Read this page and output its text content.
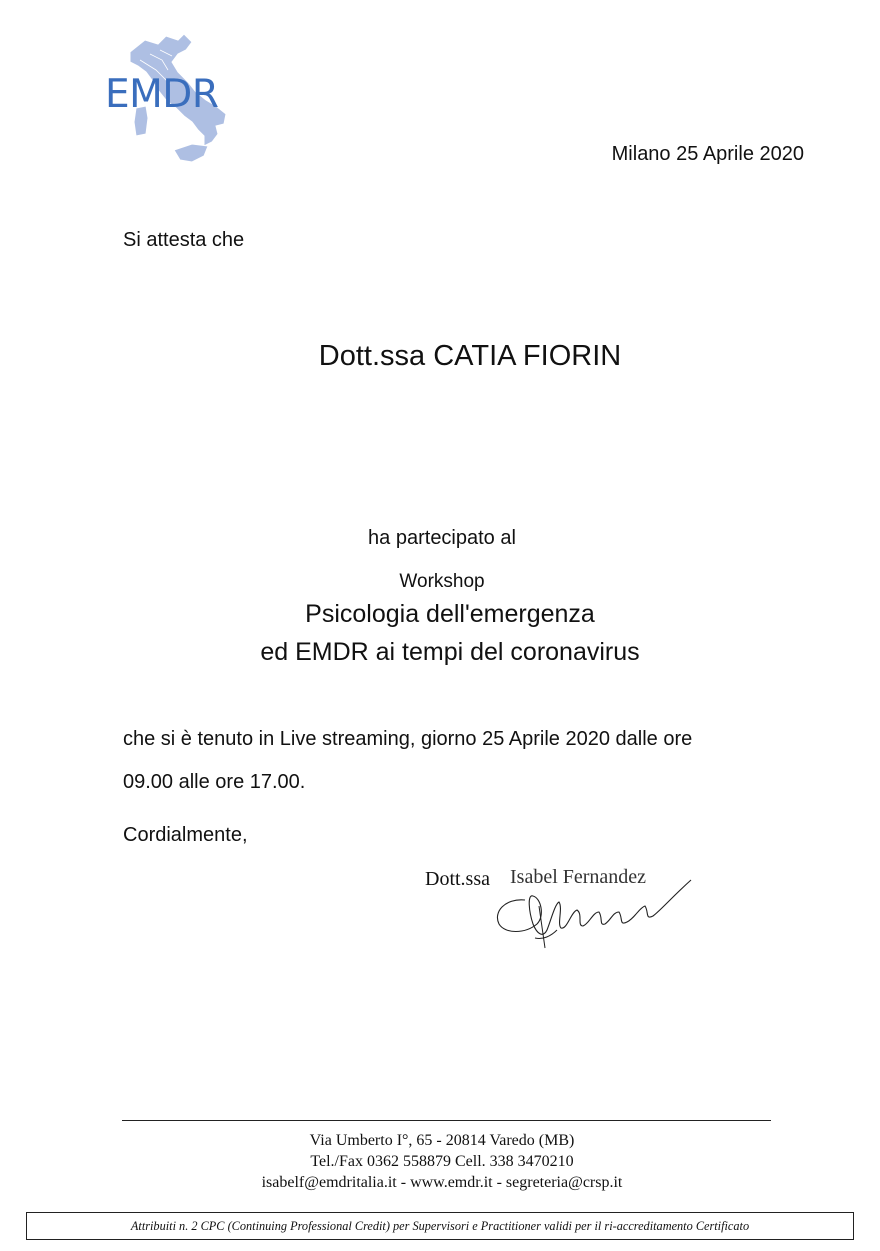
EMDR
Milano 25 Aprile 2020
Si attesta che
Dott.ssa CATIA FIORIN
ha partecipato al
Workshop
Psicologia dell'emergenza
ed EMDR ai tempi del coronavirus
che si è tenuto in Live streaming, giorno 25 Aprile 2020 dalle ore
09.00 alle ore 17.00.
Cordialmente,
Dott.ssa Isabel Fernandez
Via Umberto I°, 65 - 20814 Varedo (MB)
Tel./Fax 0362 558879 Cell. 338 3470210
isabelf@emdritalia.it - www.emdr.it - segreteria@crsp.it
Attribuiti n. 2 CPC (Continuing Professional Credit) per Supervisori e Practitioner validi per il ri-accreditamento Certificato
